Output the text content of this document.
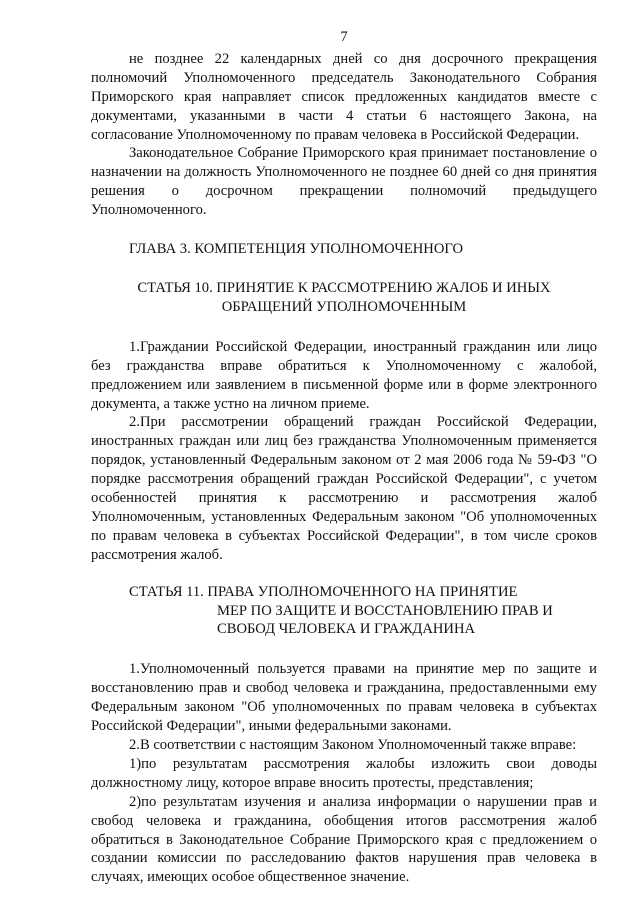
7

не позднее 22 календарных дней со дня досрочного прекращения полномочий Уполномоченного председатель Законодательного Собрания Приморского края направляет список предложенных кандидатов вместе с документами, указанными в части 4 статьи 6 настоящего Закона, на согласование Уполномоченному по правам человека в Российской Федерации.

Законодательное Собрание Приморского края принимает постановление о назначении на должность Уполномоченного не позднее 60 дней со дня принятия решения о досрочном прекращении полномочий предыдущего Уполномоченного.

ГЛАВА 3. КОМПЕТЕНЦИЯ УПОЛНОМОЧЕННОГО

СТАТЬЯ 10. ПРИНЯТИЕ К РАССМОТРЕНИЮ ЖАЛОБ И ИНЫХ
ОБРАЩЕНИЙ УПОЛНОМОЧЕННЫМ

1.Граждании Российской Федерации, иностранный гражданин или лицо без гражданства вправе обратиться к Уполномоченному с жалобой, предложением или заявлением в письменной форме или в форме электронного документа, а также устно на личном приеме.

2.При рассмотрении обращений граждан Российской Федерации, иностранных граждан или лиц без гражданства Уполномоченным применяется порядок, установленный Федеральным законом от 2 мая 2006 года № 59-ФЗ "О порядке рассмотрения обращений граждан Российской Федерации", с учетом особенностей принятия к рассмотрению и рассмотрения жалоб Уполномоченным, установленных Федеральным законом "Об уполномоченных по правам человека в субъектах Российской Федерации", в том числе сроков рассмотрения жалоб.

СТАТЬЯ 11. ПРАВА УПОЛНОМОЧЕННОГО НА ПРИНЯТИЕ
МЕР ПО ЗАЩИТЕ И ВОССТАНОВЛЕНИЮ ПРАВ И
СВОБОД ЧЕЛОВЕКА И ГРАЖДАНИНА

1.Уполномоченный пользуется правами на принятие мер по защите и восстановлению прав и свобод человека и гражданина, предоставленными ему Федеральным законом "Об уполномоченных по правам человека в субъектах Российской Федерации", иными федеральными законами.

2.В соответствии с настоящим Законом Уполномоченный также вправе:

1)по результатам рассмотрения жалобы изложить свои доводы должностному лицу, которое вправе вносить протесты, представления;

2)по результатам изучения и анализа информации о нарушении прав и свобод человека и гражданина, обобщения итогов рассмотрения жалоб обратиться в Законодательное Собрание Приморского края с предложением о создании комиссии по расследованию фактов нарушения прав человека в случаях, имеющих особое общественное значение.
